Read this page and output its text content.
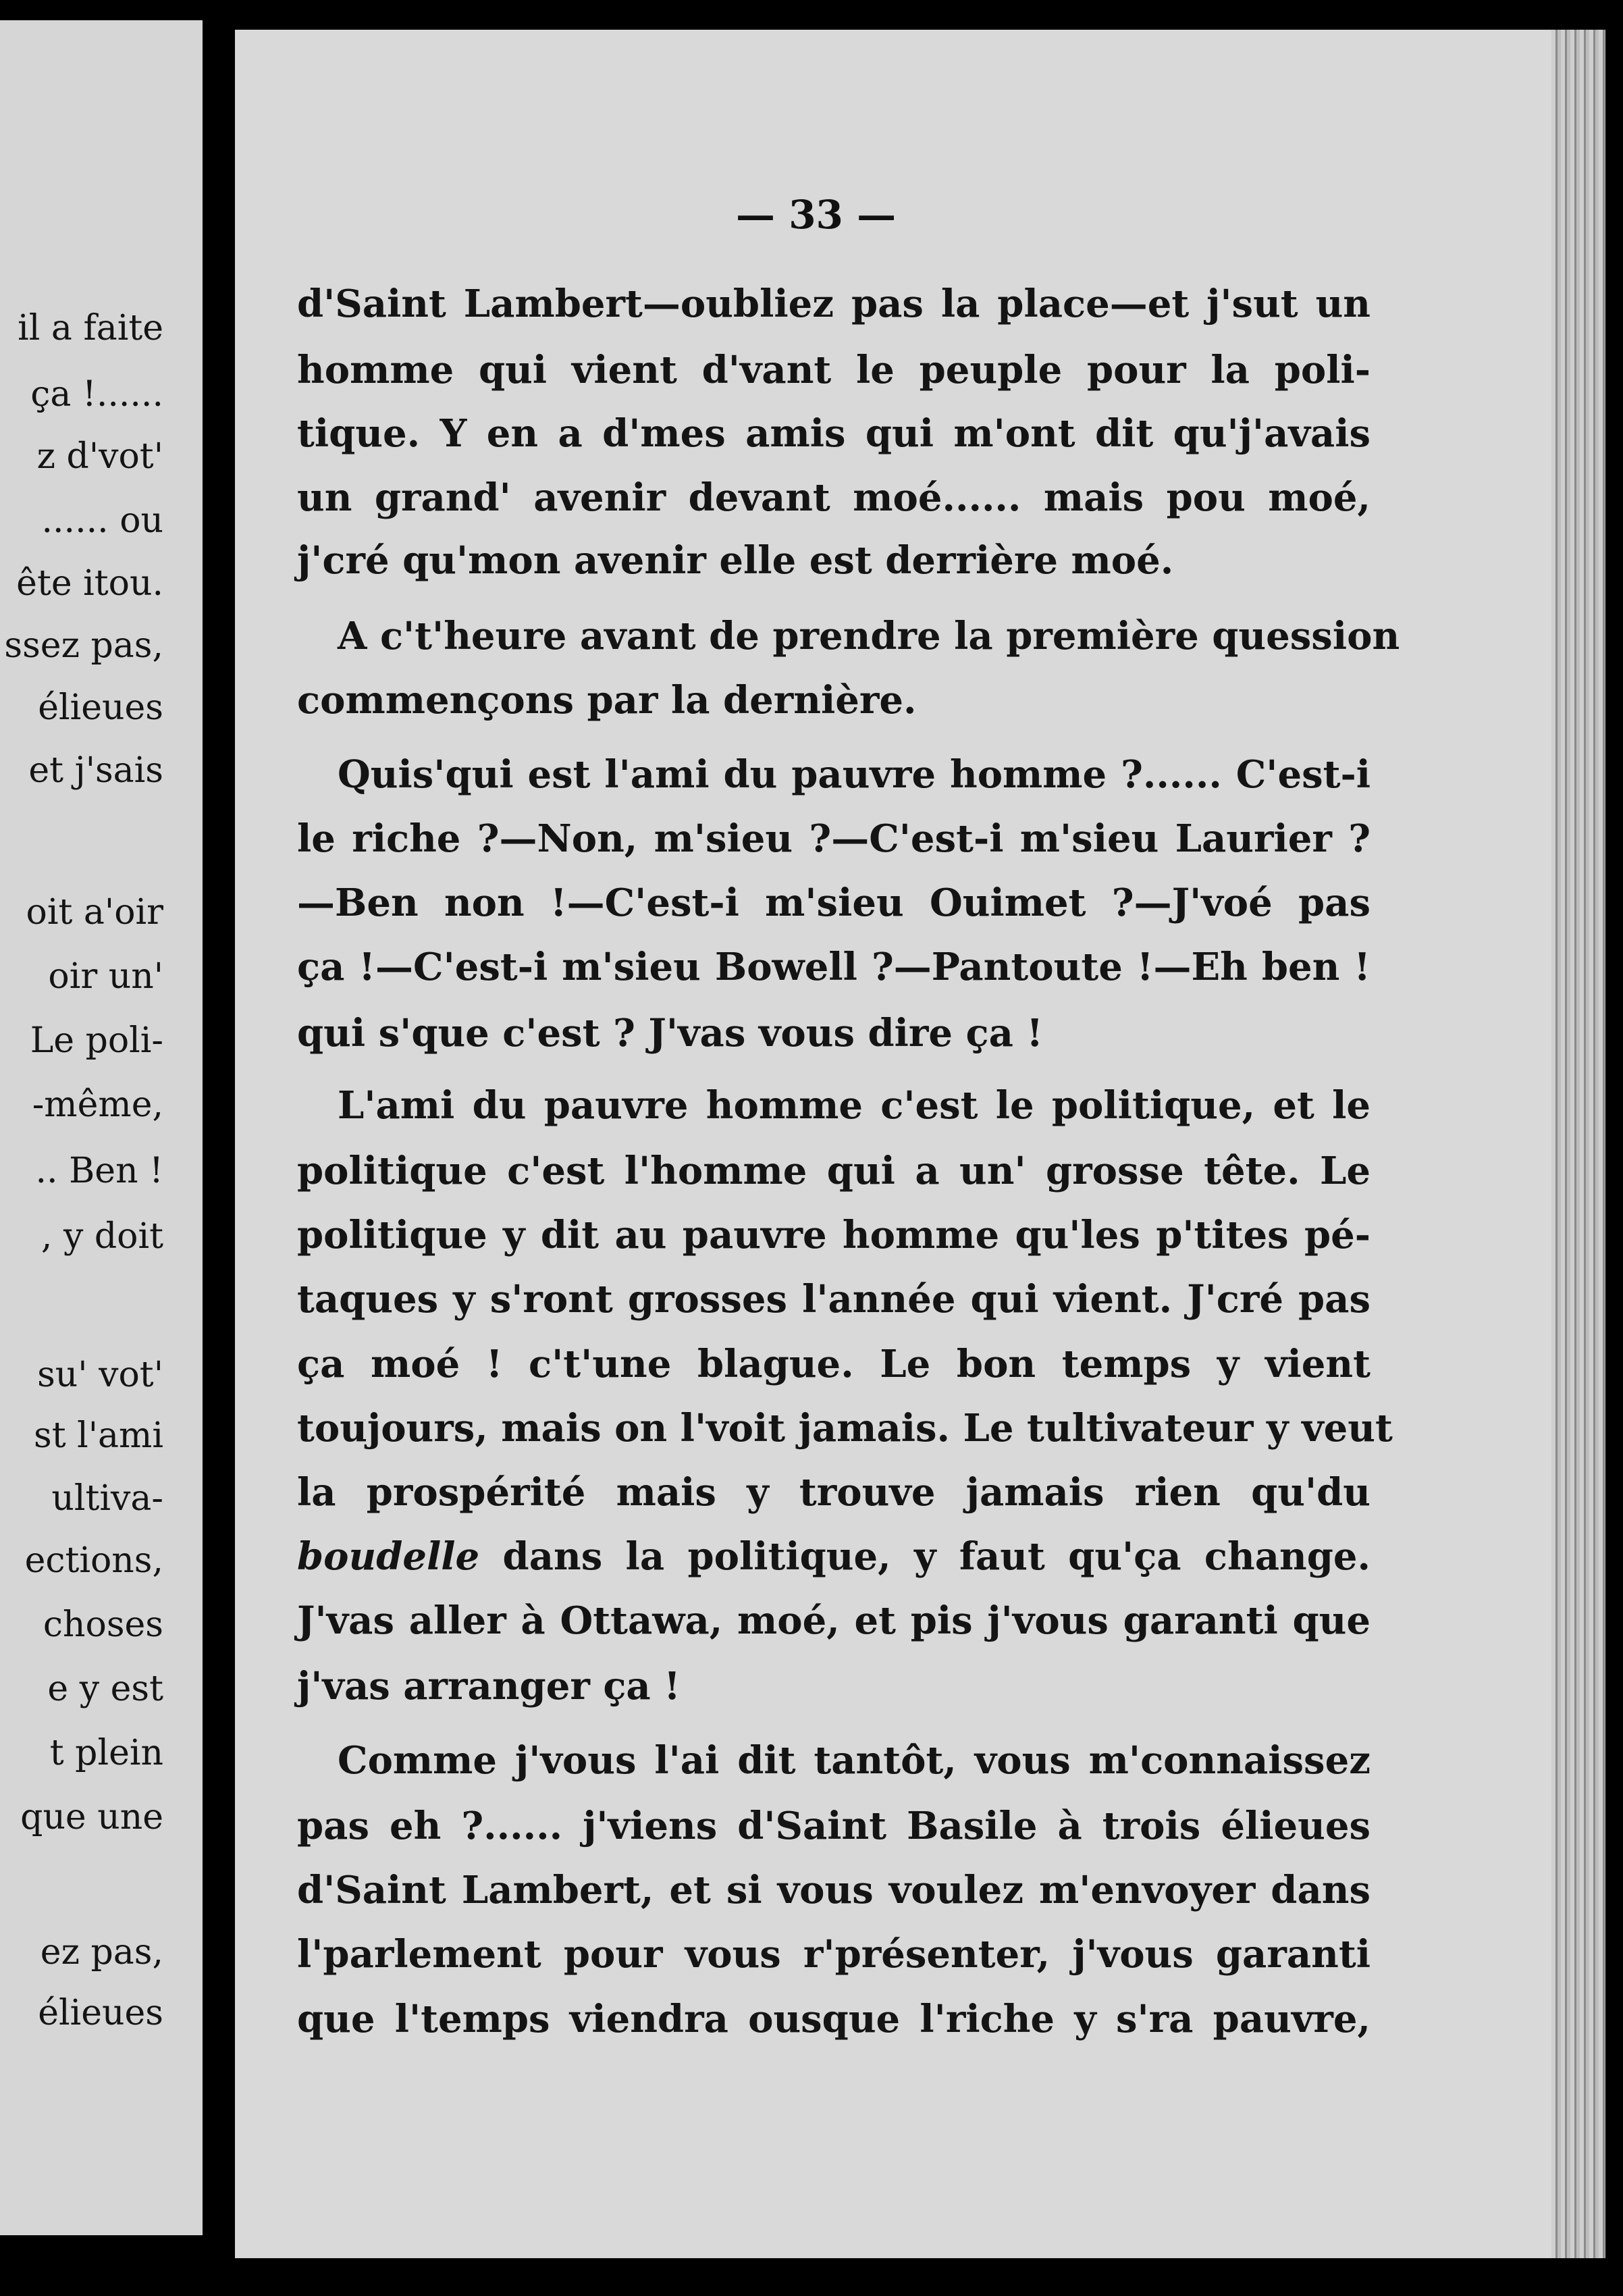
il a faite
ça !......
z d'vot'
...... ou
ête itou.
ssez pas,
élieues
et j'sais
oit a'oir
oir un'
Le poli-
-même,
.. Ben !
, y doit
su' vot'
st l'ami
ultiva-
ections,
choses
e y est
t plein
que une
ez pas,
élieues
— 33 —
d'Saint Lambert—oubliez pas la place—et j'sut un
homme qui vient d'vant le peuple pour la poli-
tique. Y en a d'mes amis qui m'ont dit qu'j'avais
un grand' avenir devant moé...... mais pou moé,
j'cré qu'mon avenir elle est derrière moé.
A c't'heure avant de prendre la première quession
commençons par la dernière.
Quis'qui est l'ami du pauvre homme ?...... C'est-i
le riche ?—Non, m'sieu ?—C'est-i m'sieu Laurier ?
—Ben non !—C'est-i m'sieu Ouimet ?—J'voé pas
ça !—C'est-i m'sieu Bowell ?—Pantoute !—Eh ben !
qui s'que c'est ? J'vas vous dire ça !
L'ami du pauvre homme c'est le politique, et le
politique c'est l'homme qui a un' grosse tête. Le
politique y dit au pauvre homme qu'les p'tites pé-
taques y s'ront grosses l'année qui vient. J'cré pas
ça moé ! c't'une blague. Le bon temps y vient
toujours, mais on l'voit jamais. Le tultivateur y veut
la prospérité mais y trouve jamais rien qu'du
boudelle dans la politique, y faut qu'ça change.
J'vas aller à Ottawa, moé, et pis j'vous garanti que
j'vas arranger ça !
Comme j'vous l'ai dit tantôt, vous m'connaissez
pas eh ?...... j'viens d'Saint Basile à trois élieues
d'Saint Lambert, et si vous voulez m'envoyer dans
l'parlement pour vous r'présenter, j'vous garanti
que l'temps viendra ousque l'riche y s'ra pauvre,
